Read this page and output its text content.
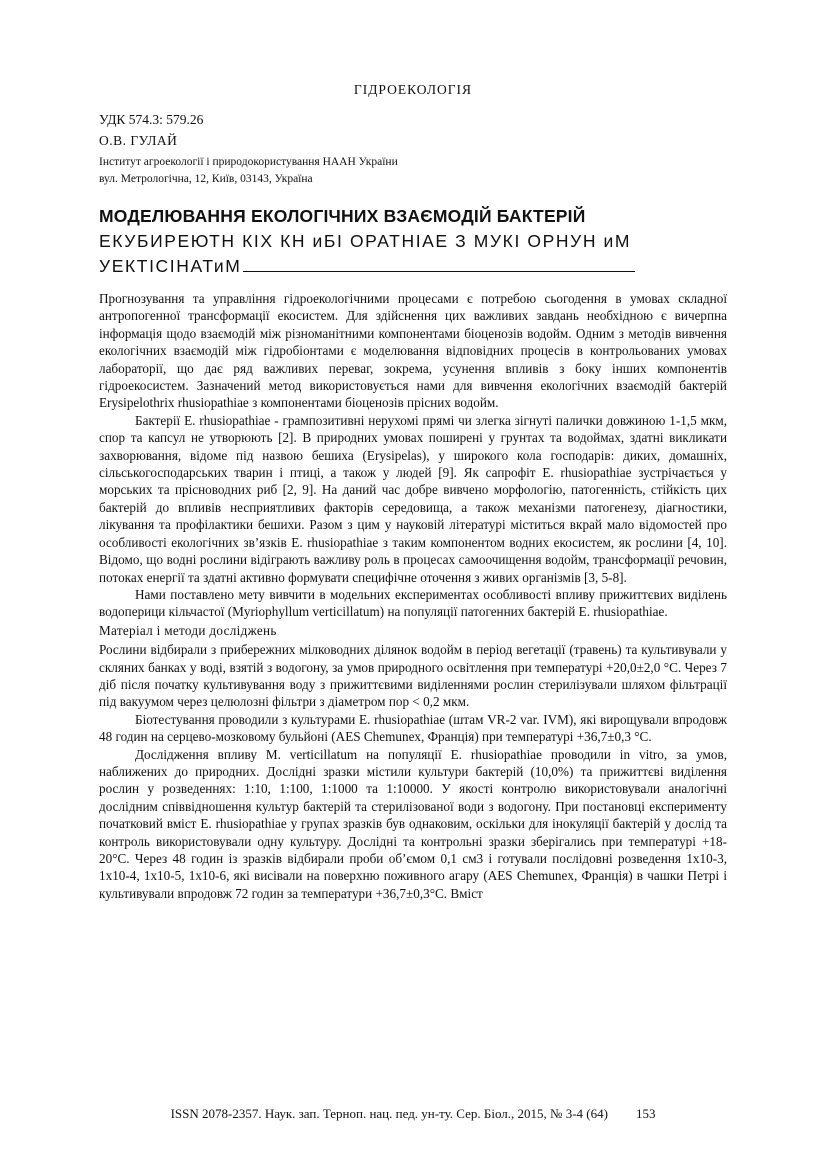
ГІДРОЕКОЛОГІЯ
УДК 574.3: 579.26
О.В. ГУЛАЙ
Інститут агроекології і природокористування НААН України
вул. Метрологічна, 12, Київ, 03143, Україна
МОДЕЛЮВАННЯ ЕКОЛОГІЧНИХ ВЗАЄМОДІЙ БАКТЕРІЙ
ЕКУБИРЕЮТН КІХ КН иБІ ОРАТНІАЕ З МУКІ ОРНУН иМ
УЕКТІСІНАТиМ

Прогнозування та управління гідроекологічними процесами є потребою сьогодення в умовах складної антропогенної трансформації екосистем. Для здійснення цих важливих завдань необхідною є вичерпна інформація щодо взаємодій між різноманітними компонентами біоценозів водойм. Одним з методів вивчення екологічних взаємодій між гідробіонтами є моделювання відповідних процесів в контрольованих умовах лабораторії, що дає ряд важливих переваг, зокрема, усунення впливів з боку інших компонентів гідроекосистем. Зазначений метод використовується нами для вивчення екологічних взаємодій бактерій Erysipelothrix rhusiopathiae з компонентами біоценозів прісних водойм.

Бактерії E. rhusiopathiae - грампозитивні нерухомі прямі чи злегка зігнуті палички довжиною 1-1,5 мкм, спор та капсул не утворюють [2]. В природних умовах поширені у грунтах та водоймах, здатні викликати захворювання, відоме під назвою бешиха (Erysipelas), у широкого кола господарів: диких, домашніх, сільськогосподарських тварин і птиці, а також у людей [9]. Як сапрофіт E. rhusiopathiae зустрічається у морських та прісноводних риб [2, 9]. На даний час добре вивчено морфологію, патогенність, стійкість цих бактерій до впливів несприятливих факторів середовища, а також механізми патогенезу, діагностики, лікування та профілактики бешихи. Разом з цим у науковій літературі міститься вкрай мало відомостей про особливості екологічних зв’язків E. rhusiopathiae з таким компонентом водних екосистем, як рослини [4, 10]. Відомо, що водні рослини відіграють важливу роль в процесах самоочищення водойм, трансформації речовин, потоках енергії та здатні активно формувати специфічне оточення з живих організмів [3, 5-8].

Нами поставлено мету вивчити в модельних експериментах особливості впливу прижиттєвих виділень водоперици кільчастої (Myriophyllum verticillatum) на популяції патогенних бактерій E. rhusiopathiae.

Матеріал і методи досліджень

Рослини відбирали з прибережних мілководних ділянок водойм в період вегетації (травень) та культивували у скляних банках у воді, взятій з водогону, за умов природного освітлення при температурі +20,0±2,0 °С. Через 7 діб після початку культивування воду з прижиттєвими виділеннями рослин стерилізували шляхом фільтрації під вакуумом через целюлозні фільтри з діаметром пор < 0,2 мкм.

Біотестування проводили з культурами E. rhusiopathiae (штам VR-2 var. IVM), які вирощували впродовж 48 годин на серцево-мозковому бульйоні (AES Chemunex, Франція) при температурі +36,7±0,3 °С.

Дослідження впливу M. verticillatum на популяції E. rhusiopathiae проводили in vitro, за умов, наближених до природних. Дослідні зразки містили культури бактерій (10,0%) та прижиттєві виділення рослин у розведеннях: 1:10, 1:100, 1:1000 та 1:10000. У якості контролю використовували аналогічні дослідним співвідношення культур бактерій та стерилізованої води з водогону. При постановці експерименту початковий вміст E. rhusiopathiae у групах зразків був однаковим, оскільки для інокуляції бактерій у дослід та контроль використовували одну культуру. Дослідні та контрольні зразки зберігались при температурі +18-20°С. Через 48 годин із зразків відбирали проби об’ємом 0,1 см3 і готували послідовні розведення 1х10-3, 1х10-4, 1х10-5, 1х10-6, які висівали на поверхню поживного агару (AES Chemunex, Франція) в чашки Петрі і культивували впродовж 72 годин за температури +36,7±0,3°С. Вміст

ISSN 2078-2357. Наук. зап. Терноп. нац. пед. ун-ту. Сер. Біол., 2015, № 3-4 (64) 153
